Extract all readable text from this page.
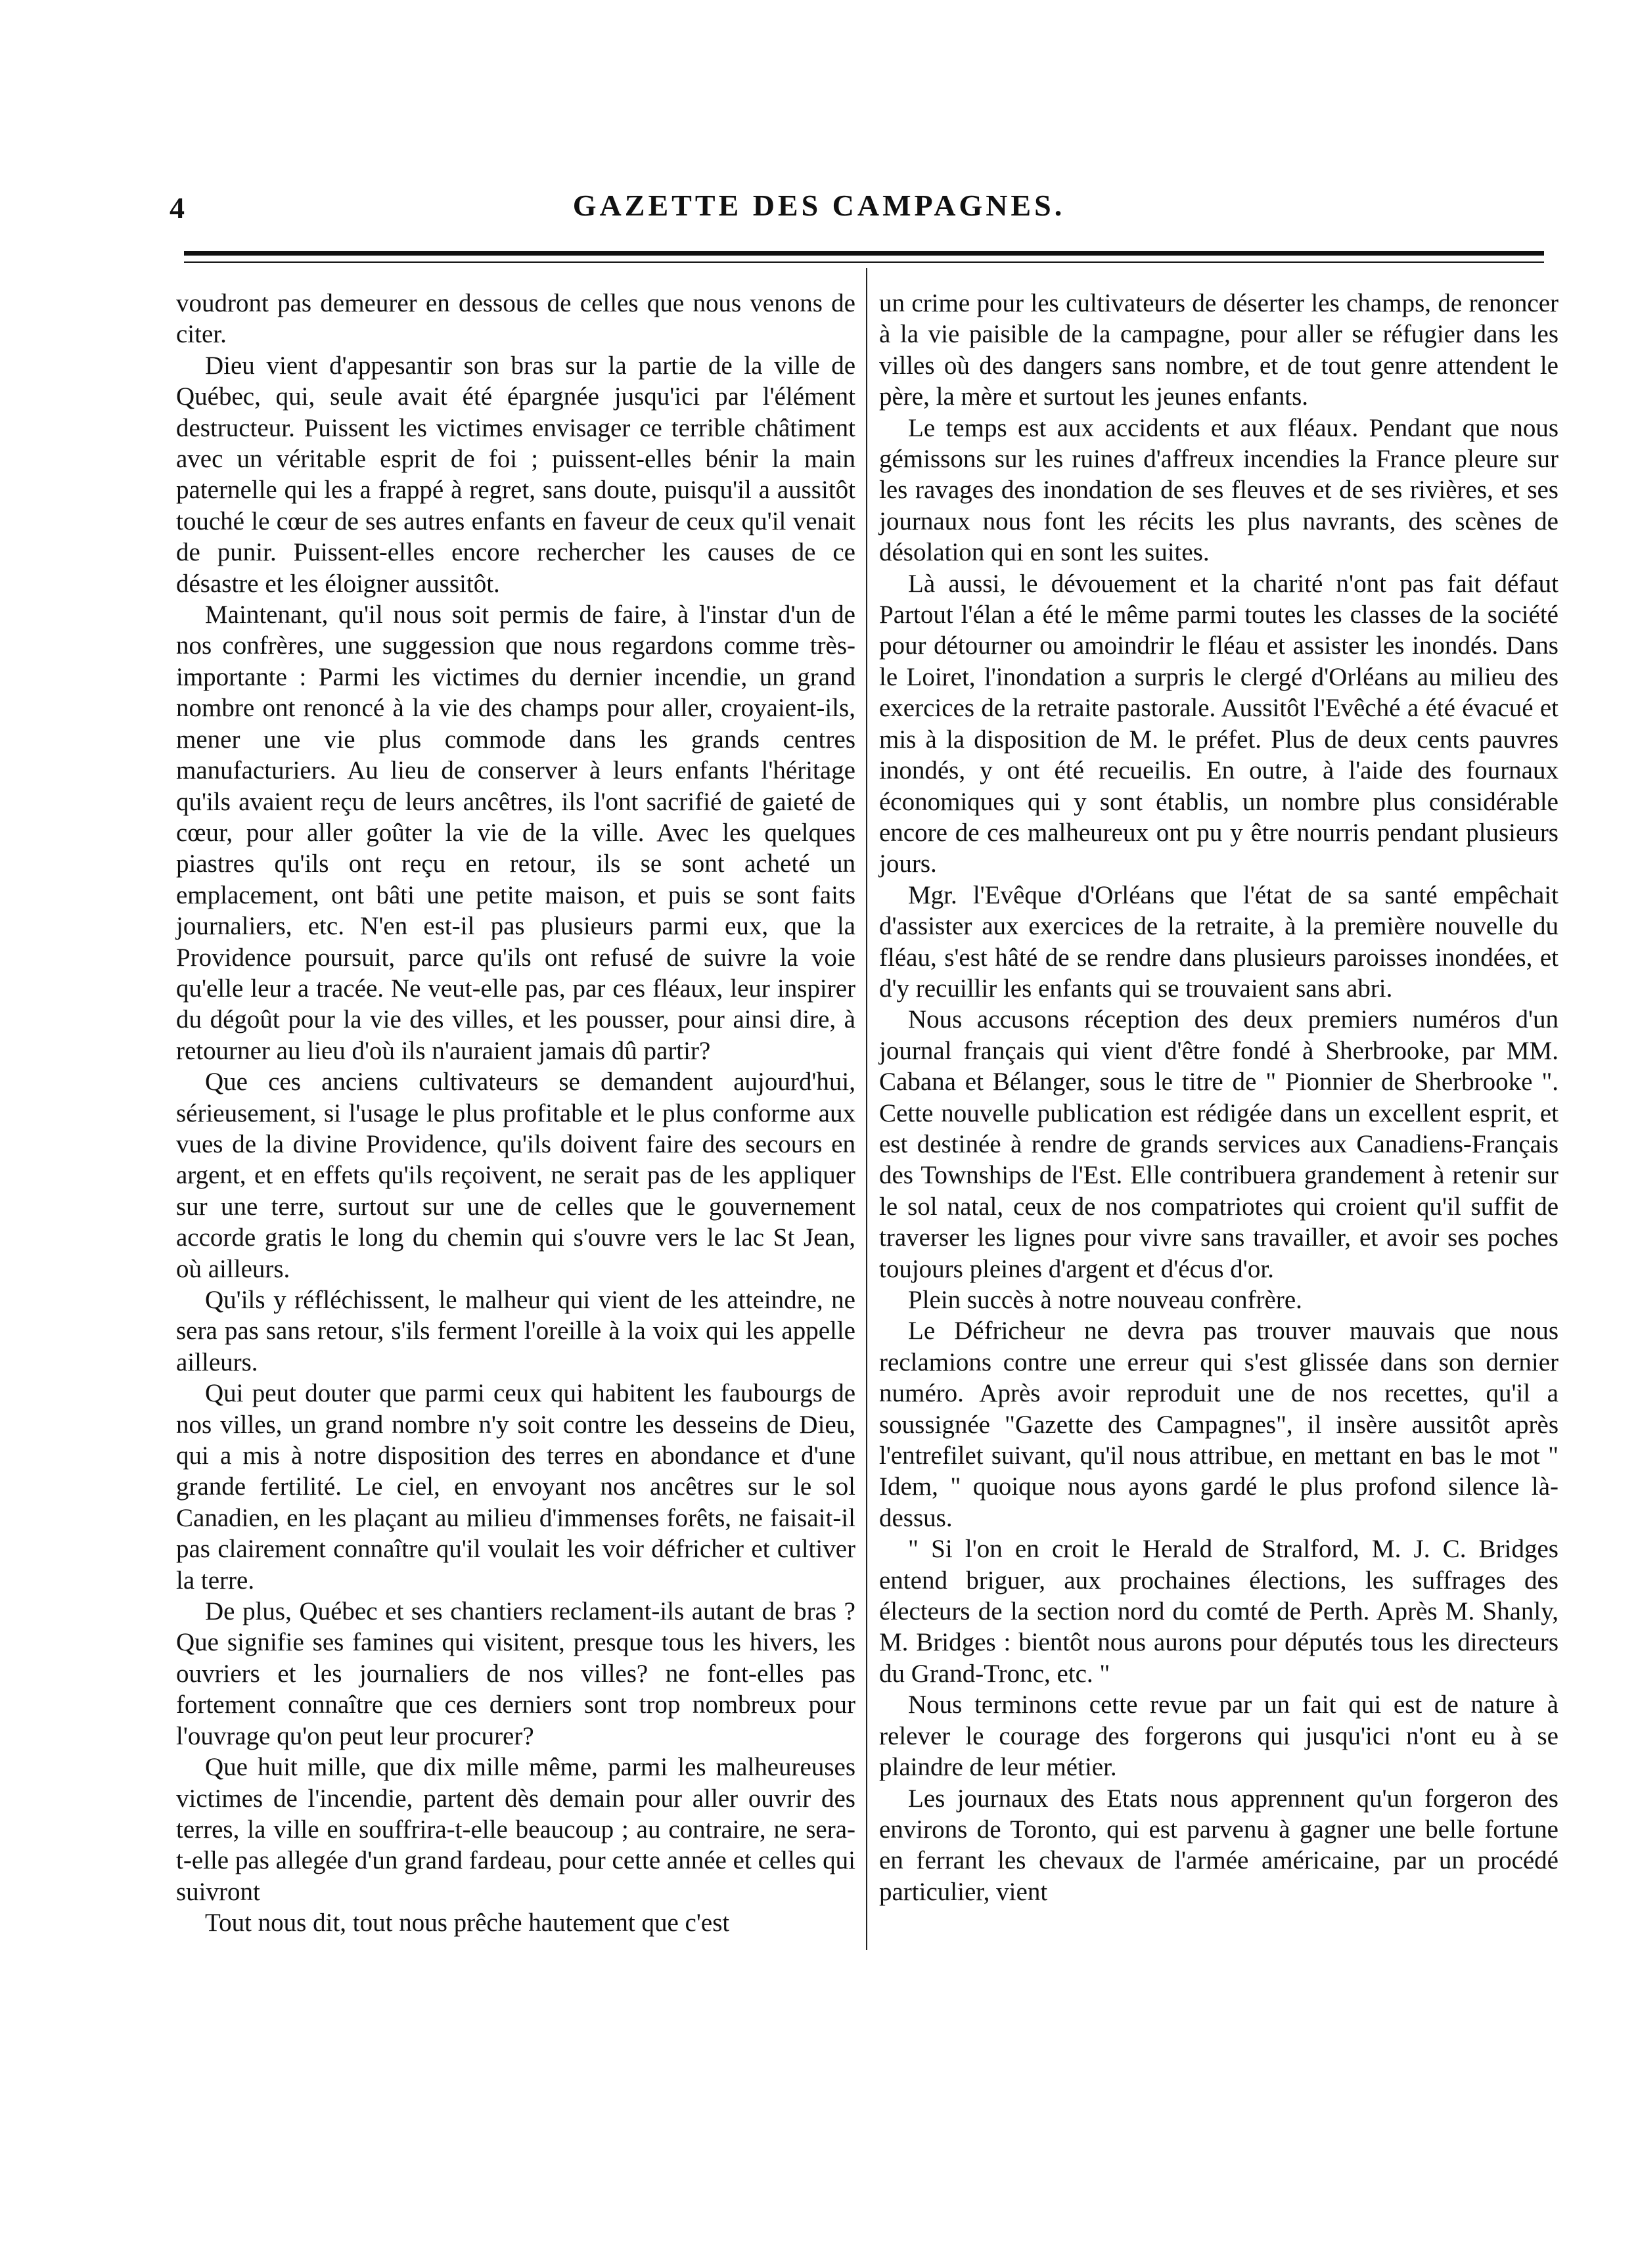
4	GAZETTE DES CAMPAGNES.

voudront pas demeurer en dessous de celles que nous venons de citer.

Dieu vient d'appesantir son bras sur la partie de la ville de Québec, qui, seule avait été épargnée jusqu'ici par l'élément destructeur. Puissent les victimes envisager ce terrible châtiment avec un véritable esprit de foi ; puissent-elles bénir la main paternelle qui les a frappé à regret, sans doute, puisqu'il a aussitôt touché le cœur de ses autres enfants en faveur de ceux qu'il venait de punir. Puissent-elles encore rechercher les causes de ce désastre et les éloigner aussitôt.

Maintenant, qu'il nous soit permis de faire, à l'instar d'un de nos confrères, une suggession que nous regardons comme très-importante : Parmi les victimes du dernier incendie, un grand nombre ont renoncé à la vie des champs pour aller, croyaient-ils, mener une vie plus commode dans les grands centres manufacturiers. Au lieu de conserver à leurs enfants l'héritage qu'ils avaient reçu de leurs ancêtres, ils l'ont sacrifié de gaieté de cœur, pour aller goûter la vie de la ville. Avec les quelques piastres qu'ils ont reçu en retour, ils se sont acheté un emplacement, ont bâti une petite maison, et puis se sont faits journaliers, etc. N'en est-il pas plusieurs parmi eux, que la Providence poursuit, parce qu'ils ont refusé de suivre la voie qu'elle leur a tracée. Ne veut-elle pas, par ces fléaux, leur inspirer du dégoût pour la vie des villes, et les pousser, pour ainsi dire, à retourner au lieu d'où ils n'auraient jamais dû partir?

Que ces anciens cultivateurs se demandent aujourd'hui, sérieusement, si l'usage le plus profitable et le plus conforme aux vues de la divine Providence, qu'ils doivent faire des secours en argent, et en effets qu'ils reçoivent, ne serait pas de les appliquer sur une terre, surtout sur une de celles que le gouvernement accorde gratis le long du chemin qui s'ouvre vers le lac St Jean, où ailleurs.

Qu'ils y réfléchissent, le malheur qui vient de les atteindre, ne sera pas sans retour, s'ils ferment l'oreille à la voix qui les appelle ailleurs.

Qui peut douter que parmi ceux qui habitent les faubourgs de nos villes, un grand nombre n'y soit contre les desseins de Dieu, qui a mis à notre disposition des terres en abondance et d'une grande fertilité. Le ciel, en envoyant nos ancêtres sur le sol Canadien, en les plaçant au milieu d'immenses forêts, ne faisait-il pas clairement connaître qu'il voulait les voir défricher et cultiver la terre.

De plus, Québec et ses chantiers reclament-ils autant de bras ? Que signifie ses famines qui visitent, presque tous les hivers, les ouvriers et les journaliers de nos villes? ne font-elles pas fortement connaître que ces derniers sont trop nombreux pour l'ouvrage qu'on peut leur procurer?

Que huit mille, que dix mille même, parmi les malheureuses victimes de l'incendie, partent dès demain pour aller ouvrir des terres, la ville en souffrira-t-elle beaucoup ; au contraire, ne sera-t-elle pas allegée d'un grand fardeau, pour cette année et celles qui suivront

Tout nous dit, tout nous prêche hautement que c'est

un crime pour les cultivateurs de déserter les champs, de renoncer à la vie paisible de la campagne, pour aller se réfugier dans les villes où des dangers sans nombre, et de tout genre attendent le père, la mère et surtout les jeunes enfants.

Le temps est aux accidents et aux fléaux. Pendant que nous gémissons sur les ruines d'affreux incendies la France pleure sur les ravages des inondation de ses fleuves et de ses rivières, et ses journaux nous font les récits les plus navrants, des scènes de désolation qui en sont les suites.

Là aussi, le dévouement et la charité n'ont pas fait défaut Partout l'élan a été le même parmi toutes les classes de la société pour détourner ou amoindrir le fléau et assister les inondés. Dans le Loiret, l'inondation a surpris le clergé d'Orléans au milieu des exercices de la retraite pastorale. Aussitôt l'Evêché a été évacué et mis à la disposition de M. le préfet. Plus de deux cents pauvres inondés, y ont été recueilis. En outre, à l'aide des fournaux économiques qui y sont établis, un nombre plus considérable encore de ces malheureux ont pu y être nourris pendant plusieurs jours.

Mgr. l'Evêque d'Orléans que l'état de sa santé empêchait d'assister aux exercices de la retraite, à la première nouvelle du fléau, s'est hâté de se rendre dans plusieurs paroisses inondées, et d'y recuillir les enfants qui se trouvaient sans abri.

Nous accusons réception des deux premiers numéros d'un journal français qui vient d'être fondé à Sherbrooke, par MM. Cabana et Bélanger, sous le titre de " Pionnier de Sherbrooke ". Cette nouvelle publication est rédigée dans un excellent esprit, et est destinée à rendre de grands services aux Canadiens-Français des Townships de l'Est. Elle contribuera grandement à retenir sur le sol natal, ceux de nos compatriotes qui croient qu'il suffit de traverser les lignes pour vivre sans travailler, et avoir ses poches toujours pleines d'argent et d'écus d'or.

Plein succès à notre nouveau confrère.

Le Défricheur ne devra pas trouver mauvais que nous reclamions contre une erreur qui s'est glissée dans son dernier numéro. Après avoir reproduit une de nos recettes, qu'il a soussignée "Gazette des Campagnes", il insère aussitôt après l'entrefilet suivant, qu'il nous attribue, en mettant en bas le mot " Idem, " quoique nous ayons gardé le plus profond silence là-dessus.

" Si l'on en croit le Herald de Stralford, M. J. C. Bridges entend briguer, aux prochaines élections, les suffrages des électeurs de la section nord du comté de Perth. Après M. Shanly, M. Bridges : bientôt nous aurons pour députés tous les directeurs du Grand-Tronc, etc. "

Nous terminons cette revue par un fait qui est de nature à relever le courage des forgerons qui jusqu'ici n'ont eu à se plaindre de leur métier.

Les journaux des Etats nous apprennent qu'un forgeron des environs de Toronto, qui est parvenu à gagner une belle fortune en ferrant les chevaux de l'armée américaine, par un procédé particulier, vient
